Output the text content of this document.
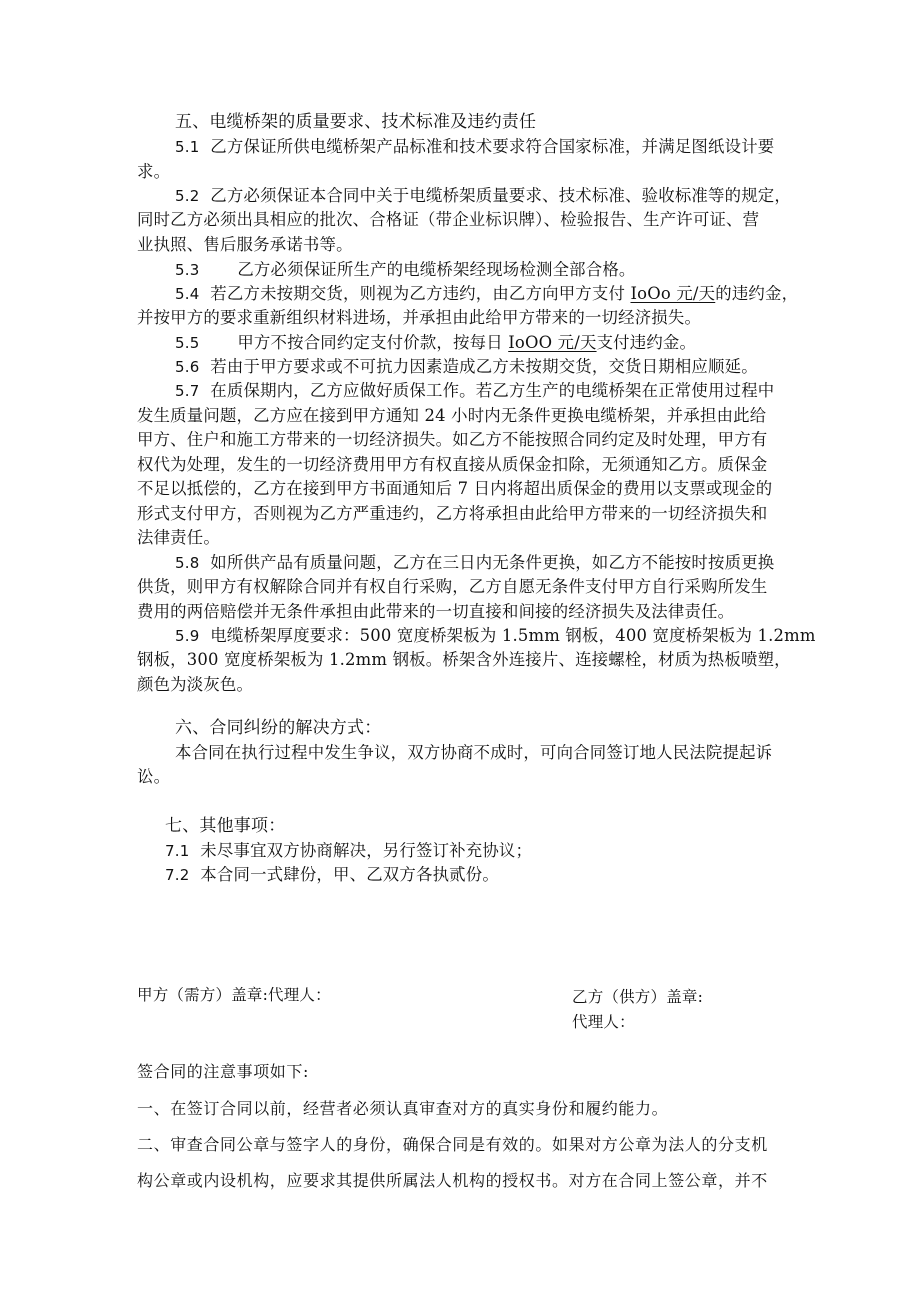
五、电缆桥架的质量要求、技术标准及违约责任
5.1 乙方保证所供电缆桥架产品标准和技术要求符合国家标准，并满足图纸设计要
求。
5.2 乙方必须保证本合同中关于电缆桥架质量要求、技术标准、验收标准等的规定，
同时乙方必须出具相应的批次、合格证（带企业标识牌）、检验报告、生产许可证、营
业执照、售后服务承诺书等。
5.3 乙方必须保证所生产的电缆桥架经现场检测全部合格。
5.4 若乙方未按期交货，则视为乙方违约，由乙方向甲方支付 IoOo 元/天的违约金，
并按甲方的要求重新组织材料进场，并承担由此给甲方带来的一切经济损失。
5.5 甲方不按合同约定支付价款，按每日 IoOO 元/天支付违约金。
5.6 若由于甲方要求或不可抗力因素造成乙方未按期交货，交货日期相应顺延。
5.7 在质保期内，乙方应做好质保工作。若乙方生产的电缆桥架在正常使用过程中
发生质量问题，乙方应在接到甲方通知 24 小时内无条件更换电缆桥架，并承担由此给
甲方、住户和施工方带来的一切经济损失。如乙方不能按照合同约定及时处理，甲方有
权代为处理，发生的一切经济费用甲方有权直接从质保金扣除，无须通知乙方。质保金
不足以抵偿的，乙方在接到甲方书面通知后 7 日内将超出质保金的费用以支票或现金的
形式支付甲方，否则视为乙方严重违约，乙方将承担由此给甲方带来的一切经济损失和
法律责任。
5.8 如所供产品有质量问题，乙方在三日内无条件更换，如乙方不能按时按质更换
供货，则甲方有权解除合同并有权自行采购，乙方自愿无条件支付甲方自行采购所发生
费用的两倍赔偿并无条件承担由此带来的一切直接和间接的经济损失及法律责任。
5.9 电缆桥架厚度要求：500 宽度桥架板为 1.5mm 钢板，400 宽度桥架板为 1.2mm
钢板，300 宽度桥架板为 1.2mm 钢板。桥架含外连接片、连接螺栓，材质为热板喷塑，
颜色为淡灰色。
六、合同纠纷的解决方式：
本合同在执行过程中发生争议，双方协商不成时，可向合同签订地人民法院提起诉
讼。
七、其他事项：
7.1 未尽事宜双方协商解决，另行签订补充协议；
7.2 本合同一式肆份，甲、乙双方各执贰份。
甲方（需方）盖章:代理人：	乙方（供方）盖章:
代理人：
签合同的注意事项如下:
一、在签订合同以前，经营者必须认真审查对方的真实身份和履约能力。
二、审查合同公章与签字人的身份，确保合同是有效的。如果对方公章为法人的分支机
构公章或内设机构，应要求其提供所属法人机构的授权书。对方在合同上签公章，并不
